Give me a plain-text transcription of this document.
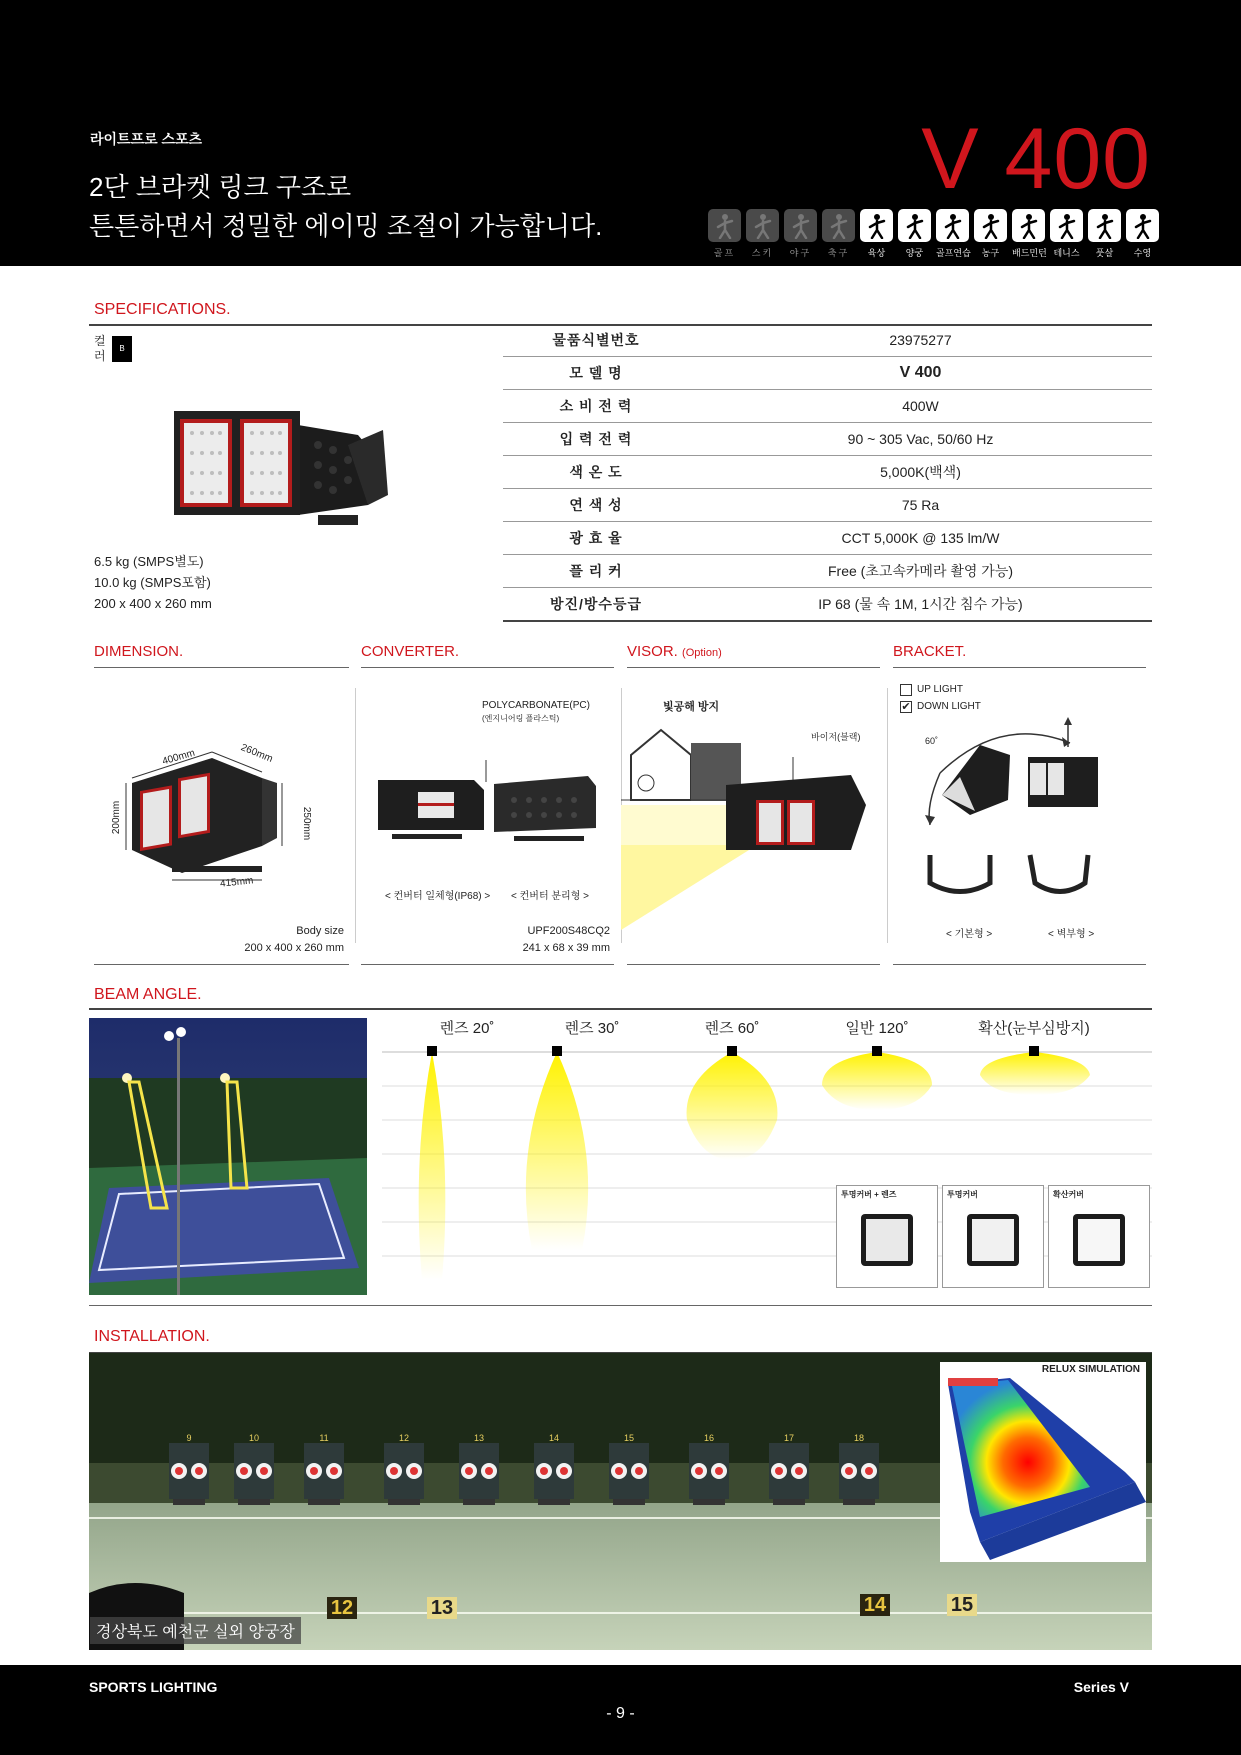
라이트프로 스포츠
2단 브라켓 링크 구조로
튼튼하면서 정밀한 에이밍 조절이 가능합니다.
V 400
골프	스키	야구	축구	육상	양궁	골프연습	농구	배드민턴 테니스	풋살	수영
SPECIFICATIONS.
컬러
B
6.5 kg (SMPS별도)
10.0 kg (SMPS포함)
200 x 400 x 260 mm
물품식별번호	23975277
모 델 명	V 400
소 비 전 력	400W
입 력 전 력	90 ~ 305 Vac, 50/60 Hz
색 온 도	5,000K(백색)
연 색 성	75 Ra
광 효 율	CCT 5,000K @ 135 lm/W
플 리 커	Free (초고속카메라 촬영 가능)
방진/방수등급	IP 68 (물 속 1M, 1시간 침수 가능)
DIMENSION.	CONVERTER.	VISOR. (Option)	BRACKET.
400mm	260mm
200mm	250mm
415mm
Body size
200 x 400 x 260 mm
POLYCARBONATE(PC)
(엔지니어링 플라스틱)
< 컨버터 일체형(IP68) > < 컨버터 분리형 >
UPF200S48CQ2
241 x 68 x 39 mm
빛공해 방지
바이저(블랙)
UP LIGHT
✔ DOWN LIGHT
60˚
< 기본형 >	< 벽부형 >
BEAM ANGLE.
렌즈 20˚	렌즈 30˚	렌즈 60˚	일반 120˚	확산(눈부심방지)
투명커버 + 렌즈	투명커버	확산커버
INSTALLATION.
9	10	11	12	13	14	15	16	17	18
12	13	14	15
경상북도 예천군 실외 양궁장
RELUX SIMULATION
SPORTS LIGHTING	Series V
- 9 -
